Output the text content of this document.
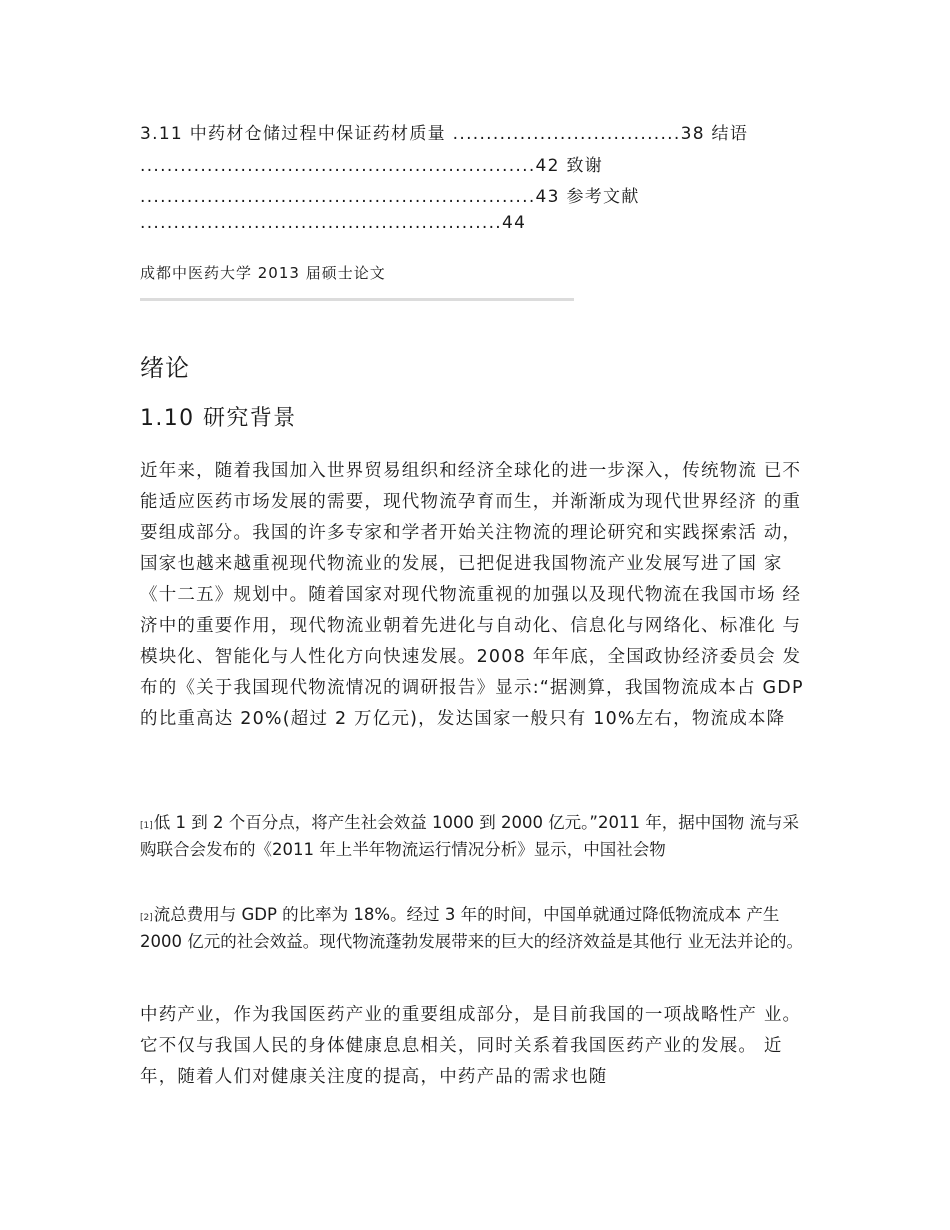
3.11 中药材仓储过程中保证药材质量 ..................................38 结语
...........................................................42 致谢
...........................................................43 参考文献
......................................................44
成都中医药大学 2013 届硕士论文
绪论
1.10 研究背景

近年来，随着我国加入世界贸易组织和经济全球化的进一步深入，传统物流 已不能适应医药市场发展的需要，现代物流孕育而生，并渐渐成为现代世界经济 的重要组成部分。我国的许多专家和学者开始关注物流的理论研究和实践探索活 动，国家也越来越重视现代物流业的发展，已把促进我国物流产业发展写进了国 家《十二五》规划中。随着国家对现代物流重视的加强以及现代物流在我国市场 经济中的重要作用，现代物流业朝着先进化与自动化、信息化与网络化、标准化 与模块化、智能化与人性化方向快速发展。2008 年年底，全国政协经济委员会 发布的《关于我国现代物流情况的调研报告》显示:“据测算，我国物流成本占 GDP 的比重高达 20%(超过 2 万亿元)，发达国家一般只有 10%左右，物流成本降

[1]低 1 到 2 个百分点，将产生社会效益 1000 到 2000 亿元。”2011 年，据中国物 流与采购联合会发布的《2011 年上半年物流运行情况分析》显示，中国社会物

[2]流总费用与 GDP 的比率为 18%。经过 3 年的时间，中国单就通过降低物流成本 产生 2000 亿元的社会效益。现代物流蓬勃发展带来的巨大的经济效益是其他行 业无法并论的。

中药产业，作为我国医药产业的重要组成部分，是目前我国的一项战略性产 业。它不仅与我国人民的身体健康息息相关，同时关系着我国医药产业的发展。 近年，随着人们对健康关注度的提高，中药产品的需求也随
